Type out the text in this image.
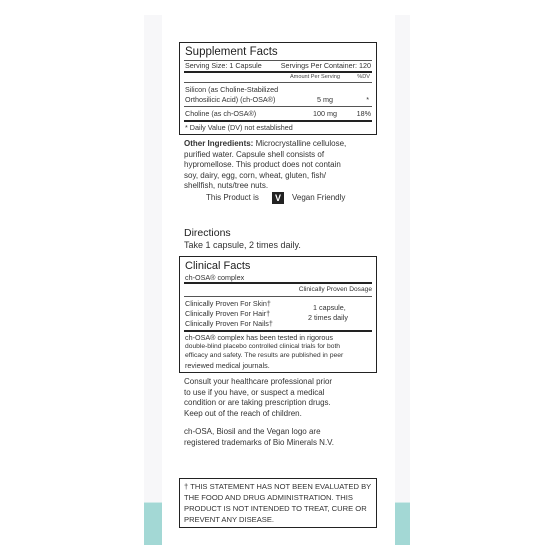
Supplement Facts
Serving Size: 1 Capsule	Servings Per Container: 120
Amount Per Serving	%DV
Silicon (as Choline-Stabilized
Orthosilicic Acid) (ch-OSA®)	5 mg	*
Choline (as ch-OSA®)	100 mg	18%
* Daily Value (DV) not established
Other Ingredients: Microcrystalline cellulose,
purified water. Capsule shell consists of
hypromellose. This product does not contain
soy, dairy, egg, corn, wheat, gluten, fish/
shellfish, nuts/tree nuts.
This Product is	V	Vegan Friendly
Directions
Take 1 capsule, 2 times daily.
Clinical Facts
ch-OSA® complex
Clinically Proven Dosage
Clinically Proven For Skin†
Clinically Proven For Hair†
Clinically Proven For Nails†
1 capsule,
2 times daily
ch-OSA® complex has been tested in rigorous
double-blind placebo controlled clinical trials for both
efficacy and safety. The results are published in peer
reviewed medical journals.
Consult your healthcare professional prior
to use if you have, or suspect a medical
condition or are taking prescription drugs.
Keep out of the reach of children.
ch-OSA, Biosil and the Vegan logo are
registered trademarks of Bio Minerals N.V.
† THIS STATEMENT HAS NOT BEEN EVALUATED BY
THE FOOD AND DRUG ADMINISTRATION. THIS
PRODUCT IS NOT INTENDED TO TREAT, CURE OR
PREVENT ANY DISEASE.
